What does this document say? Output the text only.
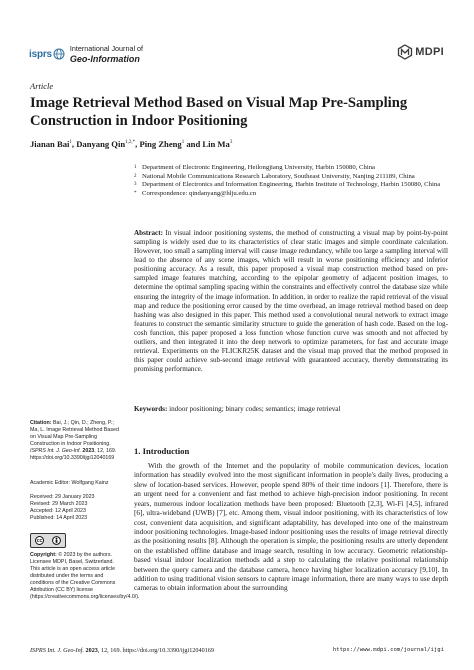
isprs	International Journal of
Geo-Information
MDPI
Article
Image Retrieval Method Based on Visual Map Pre-Sampling Construction in Indoor Positioning
Jianan Bai$^1$, Danyang Qin$^{1,2,*}$, Ping Zheng$^1$ and Lin Ma$^3$
1 Department of Electronic Engineering, Heilongjiang University, Harbin 150080, China
2 National Mobile Communications Research Laboratory, Southeast University, Nanjing 211189, China
3 Department of Electronics and Information Engineering, Harbin Institute of Technology, Harbin 150080, China
* Correspondence: qindanyang@hlju.edu.cn
Abstract: In visual indoor positioning systems, the method of constructing a visual map by point-by-point sampling is widely used due to its characteristics of clear static images and simple coordinate calculation. However, too small a sampling interval will cause image redundancy, while too large a sampling interval will lead to the absence of any scene images, which will result in worse positioning efficiency and inferior positioning accuracy. As a result, this paper proposed a visual map construction method based on pre-sampled image features matching, according to the epipolar geometry of adjacent position images, to determine the optimal sampling spacing within the constraints and effectively control the database size while ensuring the integrity of the image information. In addition, in order to realize the rapid retrieval of the visual map and reduce the positioning error caused by the time overhead, an image retrieval method based on deep hashing was also designed in this paper. This method used a convolutional neural network to extract image features to construct the semantic similarity structure to guide the generation of hash code. Based on the log-cosh function, this paper proposed a loss function whose function curve was smooth and not affected by outliers, and then integrated it into the deep network to optimize parameters, for fast and accurate image retrieval. Experiments on the FLICKR25K dataset and the visual map proved that the method proposed in this paper could achieve sub-second image retrieval with guaranteed accuracy, thereby demonstrating its promising performance.
Keywords: indoor positioning; binary codes; semantics; image retrieval
Citation: Bai, J.; Qin, D.; Zheng, P.; Ma, L. Image Retrieval Method Based on Visual Map Pre-Sampling Construction in Indoor Positioning. ISPRS Int. J. Geo-Inf. 2023, 12, 169. https://doi.org/10.3390/ijgi12040169
Academic Editor: Wolfgang Kainz
Received: 29 January 2023
Revised: 29 March 2023
Accepted: 12 April 2023
Published: 14 April 2023
cc
Copyright: © 2023 by the authors. Licensee MDPI, Basel, Switzerland. This article is an open access article distributed under the terms and conditions of the Creative Commons Attribution (CC BY) license (https://creativecommons.org/licenses/by/4.0/).
1. Introduction

With the growth of the Internet and the popularity of mobile communication devices, location information has steadily evolved into the most significant information in people's daily lives, producing a slew of location-based services. However, people spend 80% of their time indoors [1]. Therefore, there is an urgent need for a convenient and fast method to achieve high-precision indoor positioning. In recent years, numerous indoor localization methods have been proposed: Bluetooth [2,3], Wi-Fi [4,5], infrared [6], ultra-wideband (UWB) [7], etc. Among them, visual indoor positioning, with its characteristics of low cost, convenient data acquisition, and significant adaptability, has developed into one of the mainstream indoor positioning technologies. Image-based indoor positioning uses the results of image retrieval directly as the positioning results [8]. Although the operation is simple, the positioning results are utterly dependent on the established offline database and image search, resulting in low accuracy. Geometric relationship-based visual indoor localization methods add a step to calculating the relative positional relationship between the query camera and the database camera, hence having higher localization accuracy [9,10]. In addition to using traditional vision sensors to capture image information, there are many ways to use depth cameras to obtain information about the surrounding

ISPRS Int. J. Geo-Inf. 2023, 12, 169. https://doi.org/10.3390/ijgi12040169	https://www.mdpi.com/journal/ijgi
